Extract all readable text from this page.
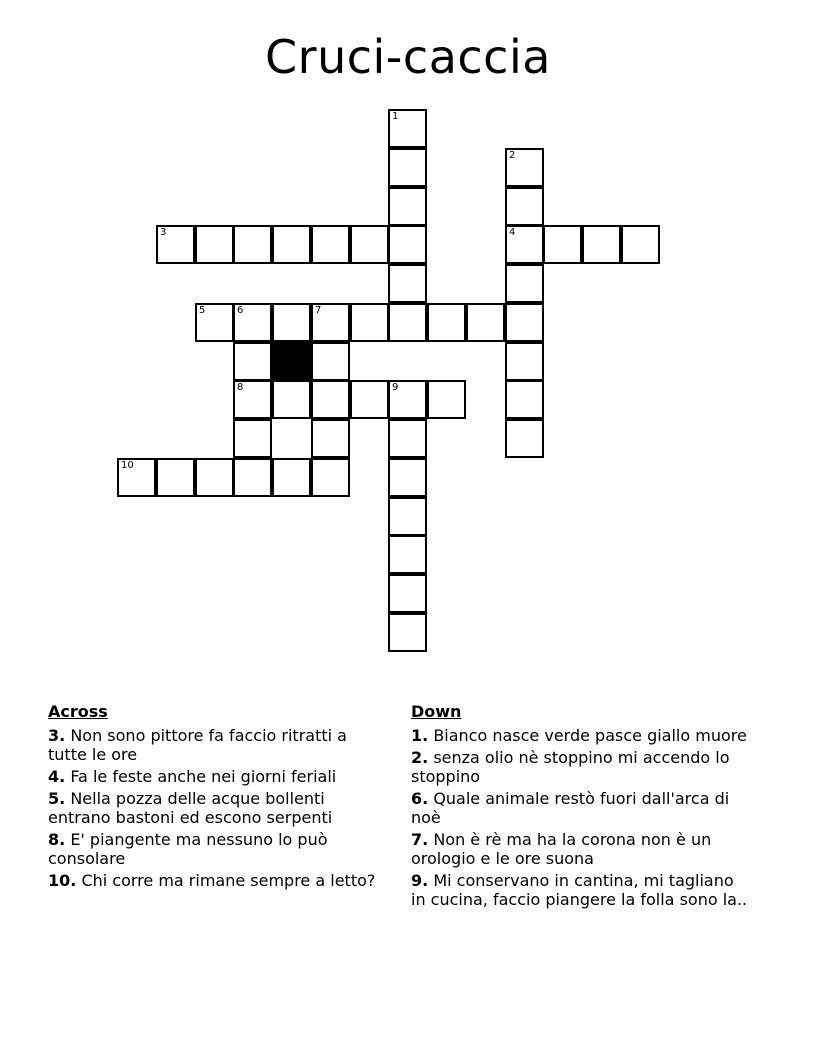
Cruci-caccia
1
2
4
3
5	6	7
8	9
10
Across
3. Non sono pittore fa faccio ritratti a tutte le ore
4. Fa le feste anche nei giorni feriali
5. Nella pozza delle acque bollenti entrano bastoni ed escono serpenti
8. E' piangente ma nessuno lo può consolare
10. Chi corre ma rimane sempre a letto?
Down
1. Bianco nasce verde pasce giallo muore
2. senza olio nè stoppino mi accendo lo stoppino
6. Quale animale restò fuori dall'arca di noè
7. Non è rè ma ha la corona non è un orologio e le ore suona
9. Mi conservano in cantina, mi tagliano in cucina, faccio piangere la folla sono la..
